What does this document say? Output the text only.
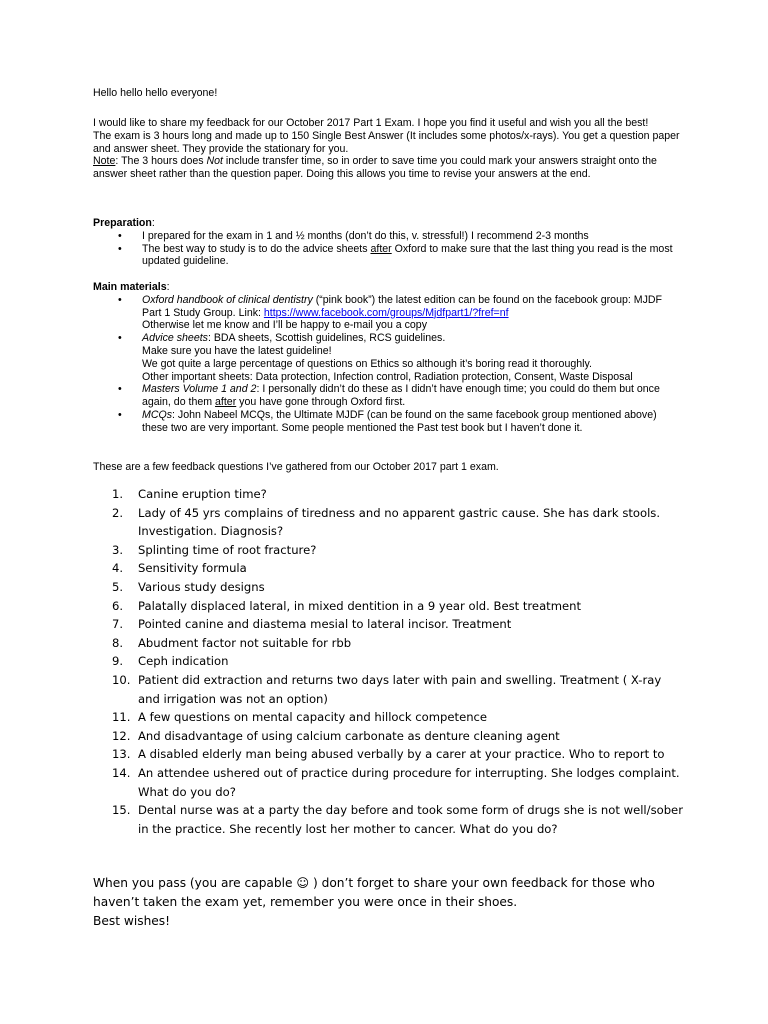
Hello hello hello everyone!

I would like to share my feedback for our October 2017 Part 1 Exam. I hope you find it useful and wish you all the best!

The exam is 3 hours long and made up to 150 Single Best Answer (It includes some photos/x-rays). You get a question paper and answer sheet. They provide the stationary for you.

Note: The 3 hours does Not include transfer time, so in order to save time you could mark your answers straight onto the answer sheet rather than the question paper. Doing this allows you time to revise your answers at the end.

Preparation:

• I prepared for the exam in 1 and ½ months (don’t do this, v. stressful!) I recommend 2-3 months
• The best way to study is to do the advice sheets after Oxford to make sure that the last thing you read is the most updated guideline.

Main materials:

• Oxford handbook of clinical dentistry (“pink book”) the latest edition can be found on the facebook group: MJDF Part 1 Study Group. Link: https://www.facebook.com/groups/Mjdfpart1/?fref=nf
Otherwise let me know and I’ll be happy to e-mail you a copy
• Advice sheets: BDA sheets, Scottish guidelines, RCS guidelines.
Make sure you have the latest guideline!
We got quite a large percentage of questions on Ethics so although it’s boring read it thoroughly.
Other important sheets: Data protection, Infection control, Radiation protection, Consent, Waste Disposal
• Masters Volume 1 and 2: I personally didn’t do these as I didn’t have enough time; you could do them but once again, do them after you have gone through Oxford first.
• MCQs: John Nabeel MCQs, the Ultimate MJDF (can be found on the same facebook group mentioned above) these two are very important. Some people mentioned the Past test book but I haven’t done it.

These are a few feedback questions I’ve gathered from our October 2017 part 1 exam.

1. Canine eruption time?
2. Lady of 45 yrs complains of tiredness and no apparent gastric cause. She has dark stools. Investigation. Diagnosis?
3. Splinting time of root fracture?
4. Sensitivity formula
5. Various study designs
6. Palatally displaced lateral, in mixed dentition in a 9 year old. Best treatment
7. Pointed canine and diastema mesial to lateral incisor. Treatment
8. Abudment factor not suitable for rbb
9. Ceph indication
10. Patient did extraction and returns two days later with pain and swelling. Treatment ( X-ray and irrigation was not an option)
11. A few questions on mental capacity and hillock competence
12. And disadvantage of using calcium carbonate as denture cleaning agent
13. A disabled elderly man being abused verbally by a carer at your practice. Who to report to
14. An attendee ushered out of practice during procedure for interrupting. She lodges complaint. What do you do?
15. Dental nurse was at a party the day before and took some form of drugs she is not well/sober in the practice. She recently lost her mother to cancer. What do you do?

When you pass (you are capable ☺ ) don’t forget to share your own feedback for those who haven’t taken the exam yet, remember you were once in their shoes.

Best wishes!
